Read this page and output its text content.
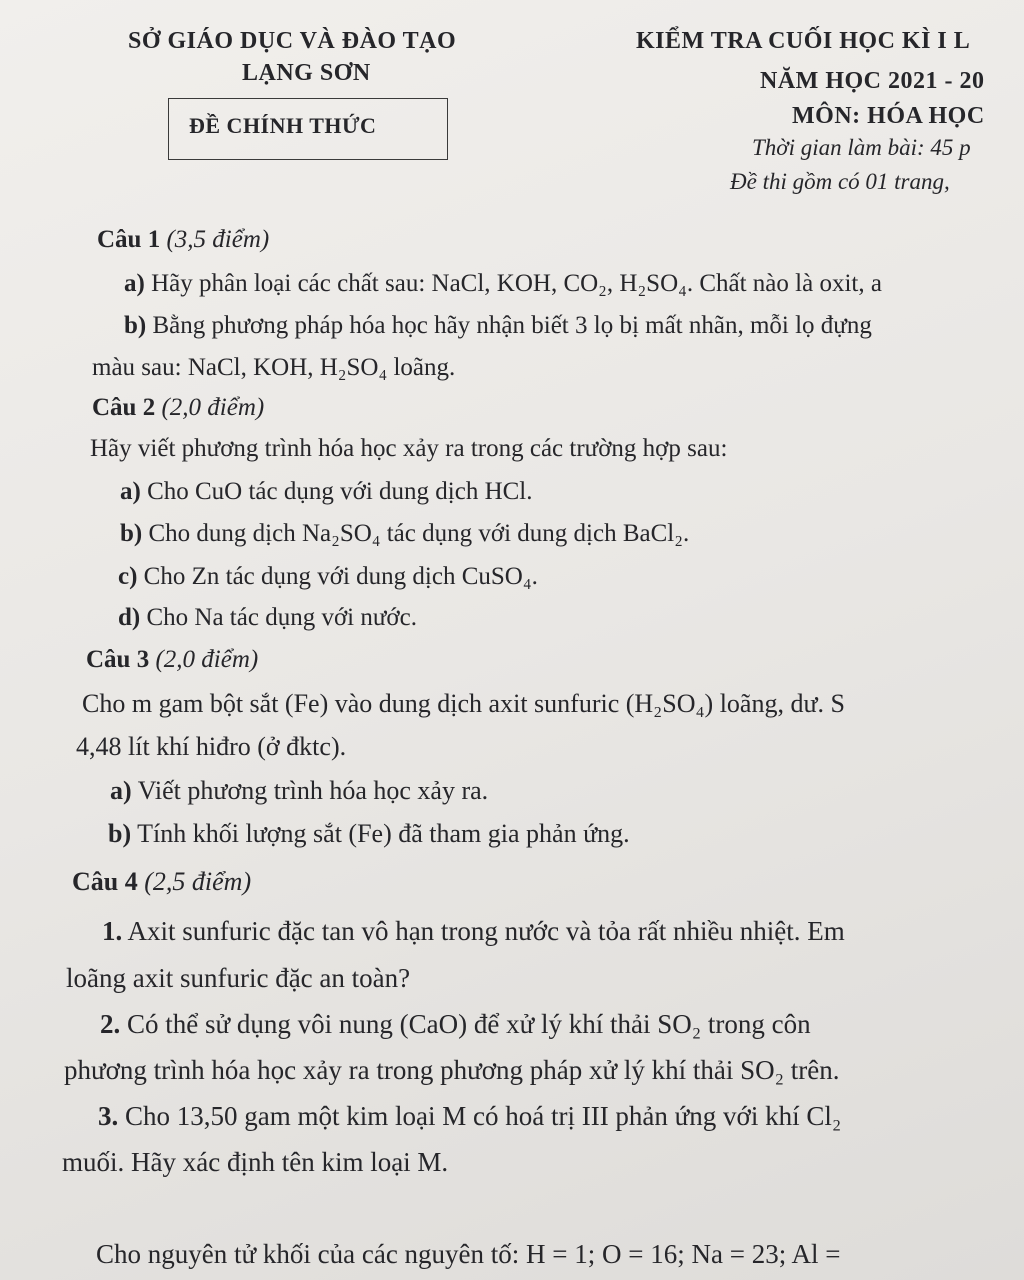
SỞ GIÁO DỤC VÀ ĐÀO TẠO
LẠNG SƠN
ĐỀ CHÍNH THỨC
KIỂM TRA CUỐI HỌC KÌ I L
NĂM HỌC 2021 - 20
MÔN: HÓA HỌC
Thời gian làm bài: 45 p
Đề thi gồm có 01 trang,
Câu 1 (3,5 điểm)
a) Hãy phân loại các chất sau: NaCl, KOH, CO₂, H₂SO₄. Chất nào là oxit, a
b) Bằng phương pháp hóa học hãy nhận biết 3 lọ bị mất nhãn, mỗi lọ đựng
màu sau: NaCl, KOH, H₂SO₄ loãng.
Câu 2 (2,0 điểm)
Hãy viết phương trình hóa học xảy ra trong các trường hợp sau:
a) Cho CuO tác dụng với dung dịch HCl.
b) Cho dung dịch Na₂SO₄ tác dụng với dung dịch BaCl₂.
c) Cho Zn tác dụng với dung dịch CuSO₄.
d) Cho Na tác dụng với nước.
Câu 3 (2,0 điểm)
Cho m gam bột sắt (Fe) vào dung dịch axit sunfuric (H₂SO₄) loãng, dư. S
4,48 lít khí hiđro (ở đktc).
a) Viết phương trình hóa học xảy ra.
b) Tính khối lượng sắt (Fe) đã tham gia phản ứng.
Câu 4 (2,5 điểm)
1. Axit sunfuric đặc tan vô hạn trong nước và tỏa rất nhiều nhiệt. Em
loãng axit sunfuric đặc an toàn?
2. Có thể sử dụng vôi nung (CaO) để xử lý khí thải SO₂ trong côn
phương trình hóa học xảy ra trong phương pháp xử lý khí thải SO₂ trên.
3. Cho 13,50 gam một kim loại M có hoá trị III phản ứng với khí Cl₂
muối. Hãy xác định tên kim loại M.
Cho nguyên tử khối của các nguyên tố: H = 1; O = 16; Na = 23; Al =
